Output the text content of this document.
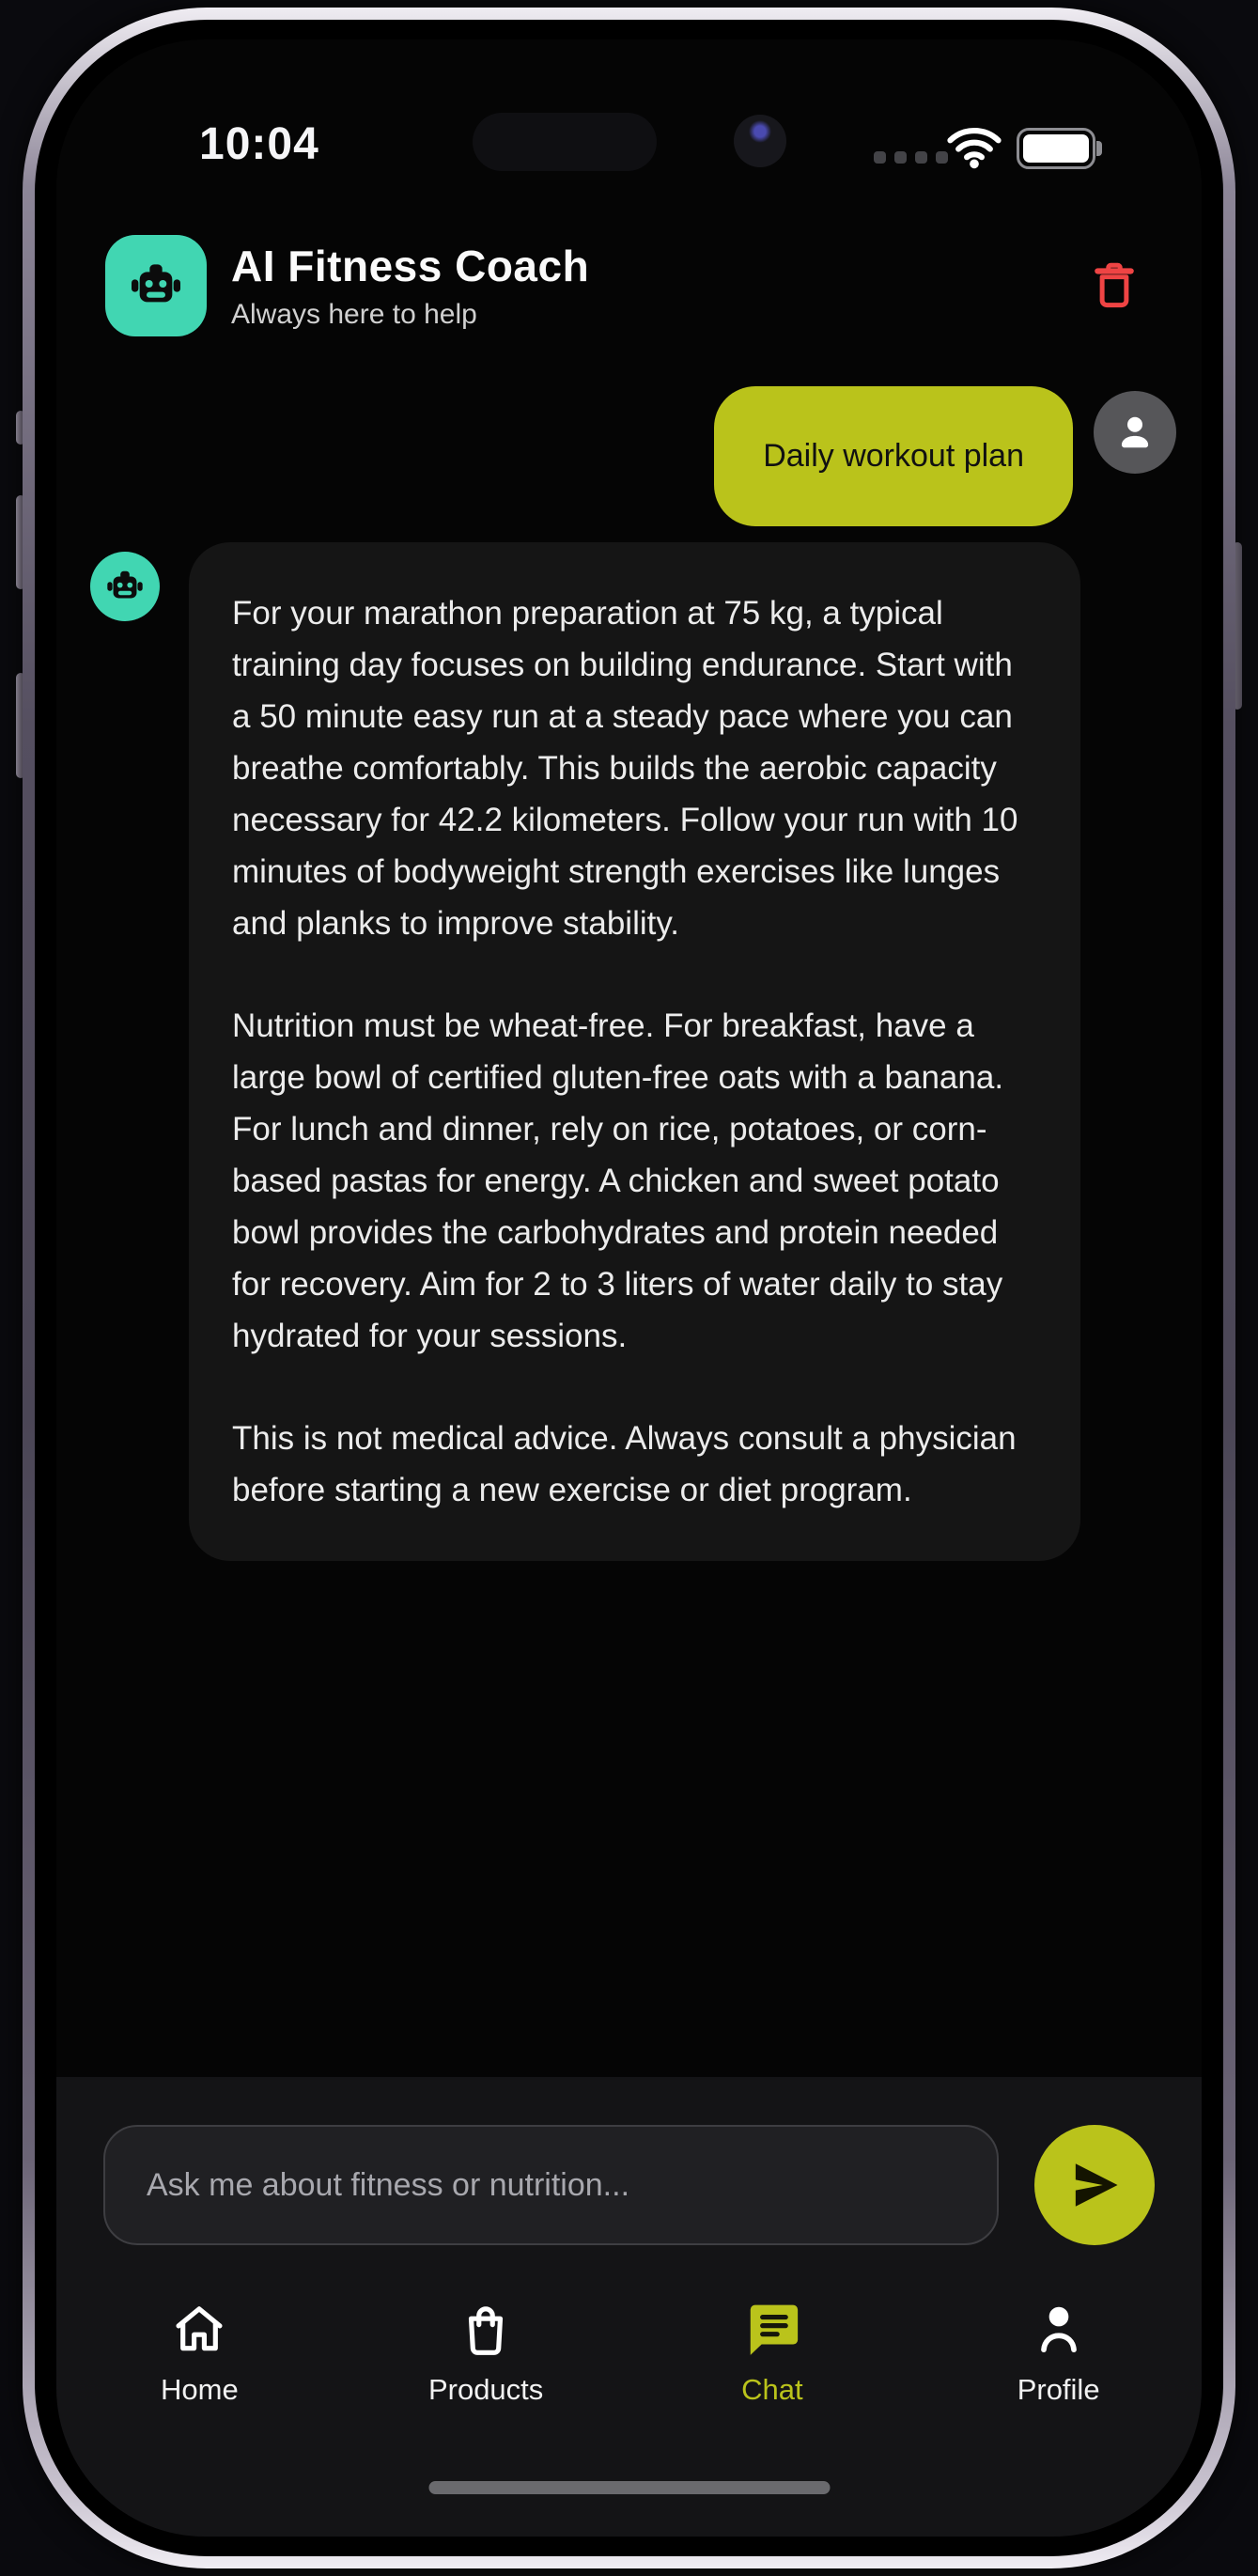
10:04
AI Fitness Coach
Always here to help
Daily workout plan

For your marathon preparation at 75 kg, a typical training day focuses on building endurance. Start with a 50 minute easy run at a steady pace where you can breathe comfortably. This builds the aerobic capacity necessary for 42.2 kilometers. Follow your run with 10 minutes of bodyweight strength exercises like lunges and planks to improve stability.

Nutrition must be wheat-free. For breakfast, have a large bowl of certified gluten-free oats with a banana. For lunch and dinner, rely on rice, potatoes, or corn-based pastas for energy. A chicken and sweet potato bowl provides the carbohydrates and protein needed for recovery. Aim for 2 to 3 liters of water daily to stay hydrated for your sessions.

This is not medical advice. Always consult a physician before starting a new exercise or diet program.

Ask me about fitness or nutrition...
Home	Products	Chat	Profile
